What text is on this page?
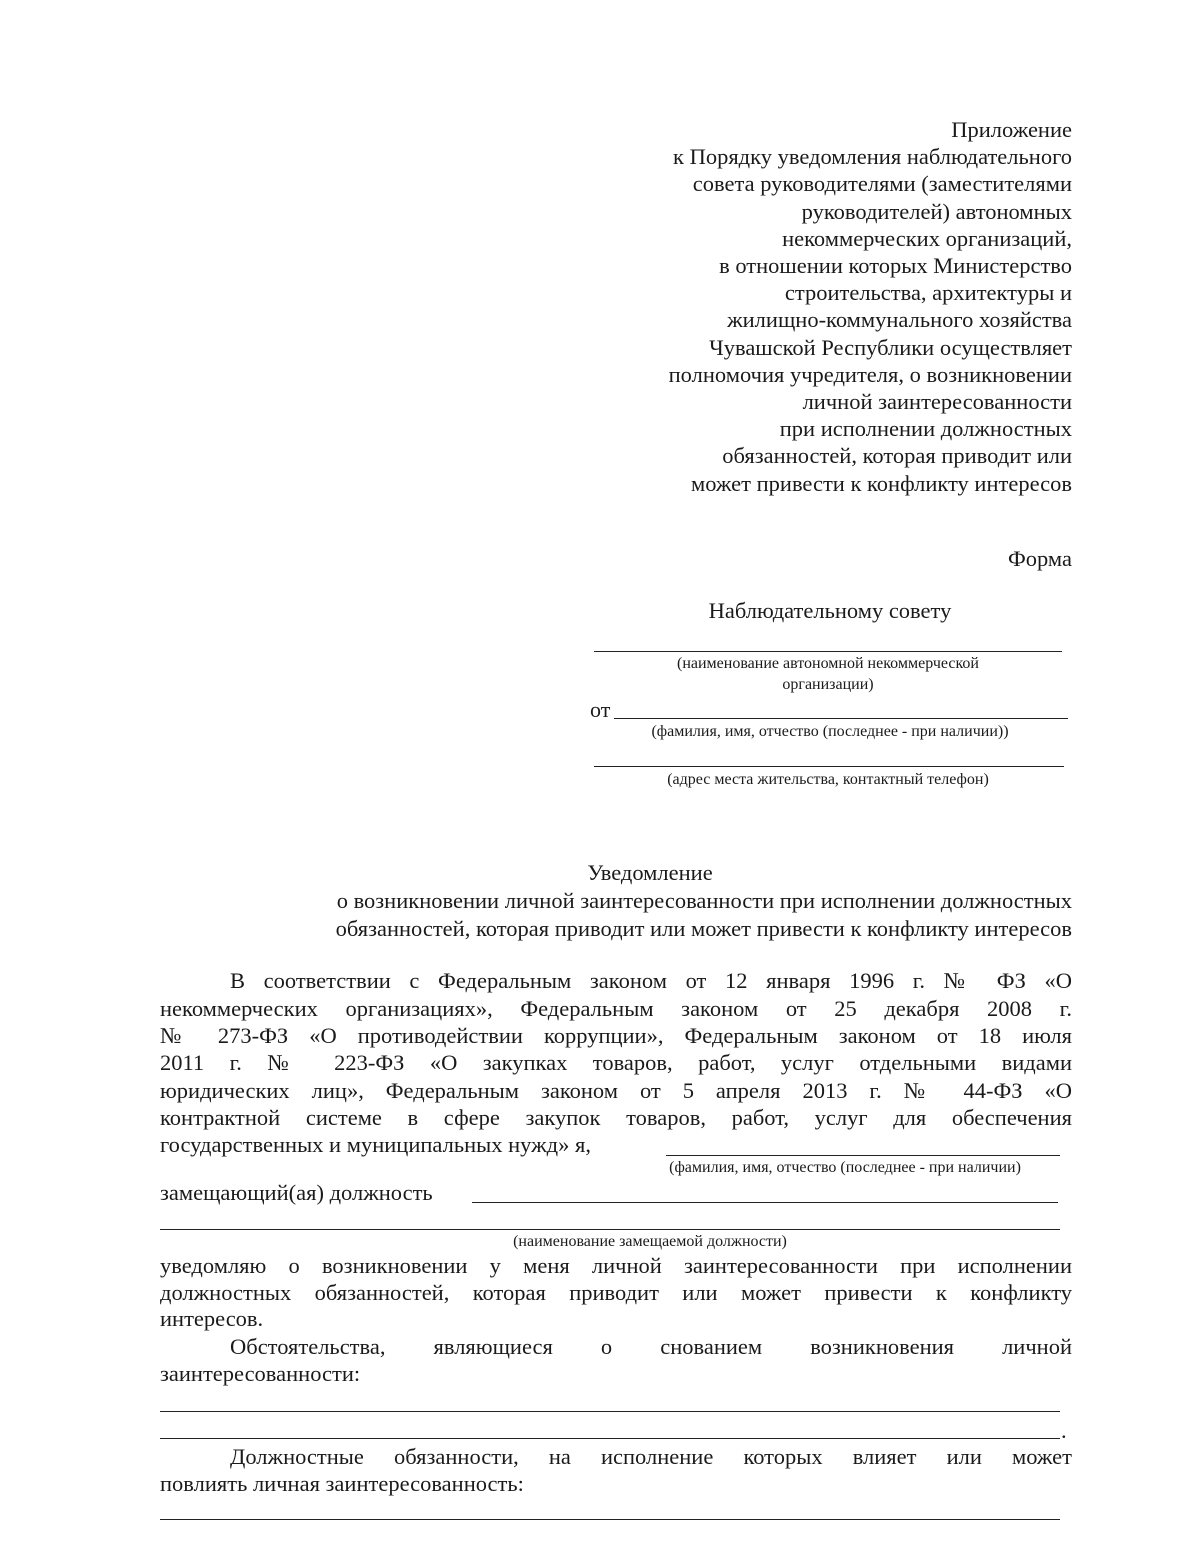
Приложение
к Порядку уведомления наблюдательного
совета руководителями (заместителями
руководителей) автономных
некоммерческих организаций,
в отношении которых Министерство
строительства, архитектуры и
жилищно-коммунального хозяйства
Чувашской Республики осуществляет
полномочия учредителя, о возникновении
личной заинтересованности
при исполнении должностных
обязанностей, которая приводит или
может привести к конфликту интересов
Форма
Наблюдательному совету
(наименование автономной некоммерческой
организации)
от
(фамилия, имя, отчество (последнее - при наличии))
(адрес места жительства, контактный телефон)
Уведомление
о возникновении личной заинтересованности при исполнении должностных
обязанностей, которая приводит или может привести к конфликту интересов
В соответствии с Федеральным законом от 12 января 1996 г. № ФЗ «О
некоммерческих организациях», Федеральным законом от 25 декабря 2008 г.
№ 273-ФЗ «О противодействии коррупции», Федеральным законом от 18 июля
2011 г. № 223-ФЗ «О закупках товаров, работ, услуг отдельными видами
юридических лиц», Федеральным законом от 5 апреля 2013 г. № 44-ФЗ «О
контрактной системе в сфере закупок товаров, работ, услуг для обеспечения
государственных и муниципальных нужд» я,
(фамилия, имя, отчество (последнее - при наличии)
замещающий(ая) должность
(наименование замещаемой должности)
уведомляю о возникновении у меня личной заинтересованности при исполнении
должностных обязанностей, которая приводит или может привести к конфликту
интересов.
Обстоятельства, являющиеся о снованием возникновения личной
заинтересованности:
.
Должностные обязанности, на исполнение которых влияет или может
повлиять личная заинтересованность:
